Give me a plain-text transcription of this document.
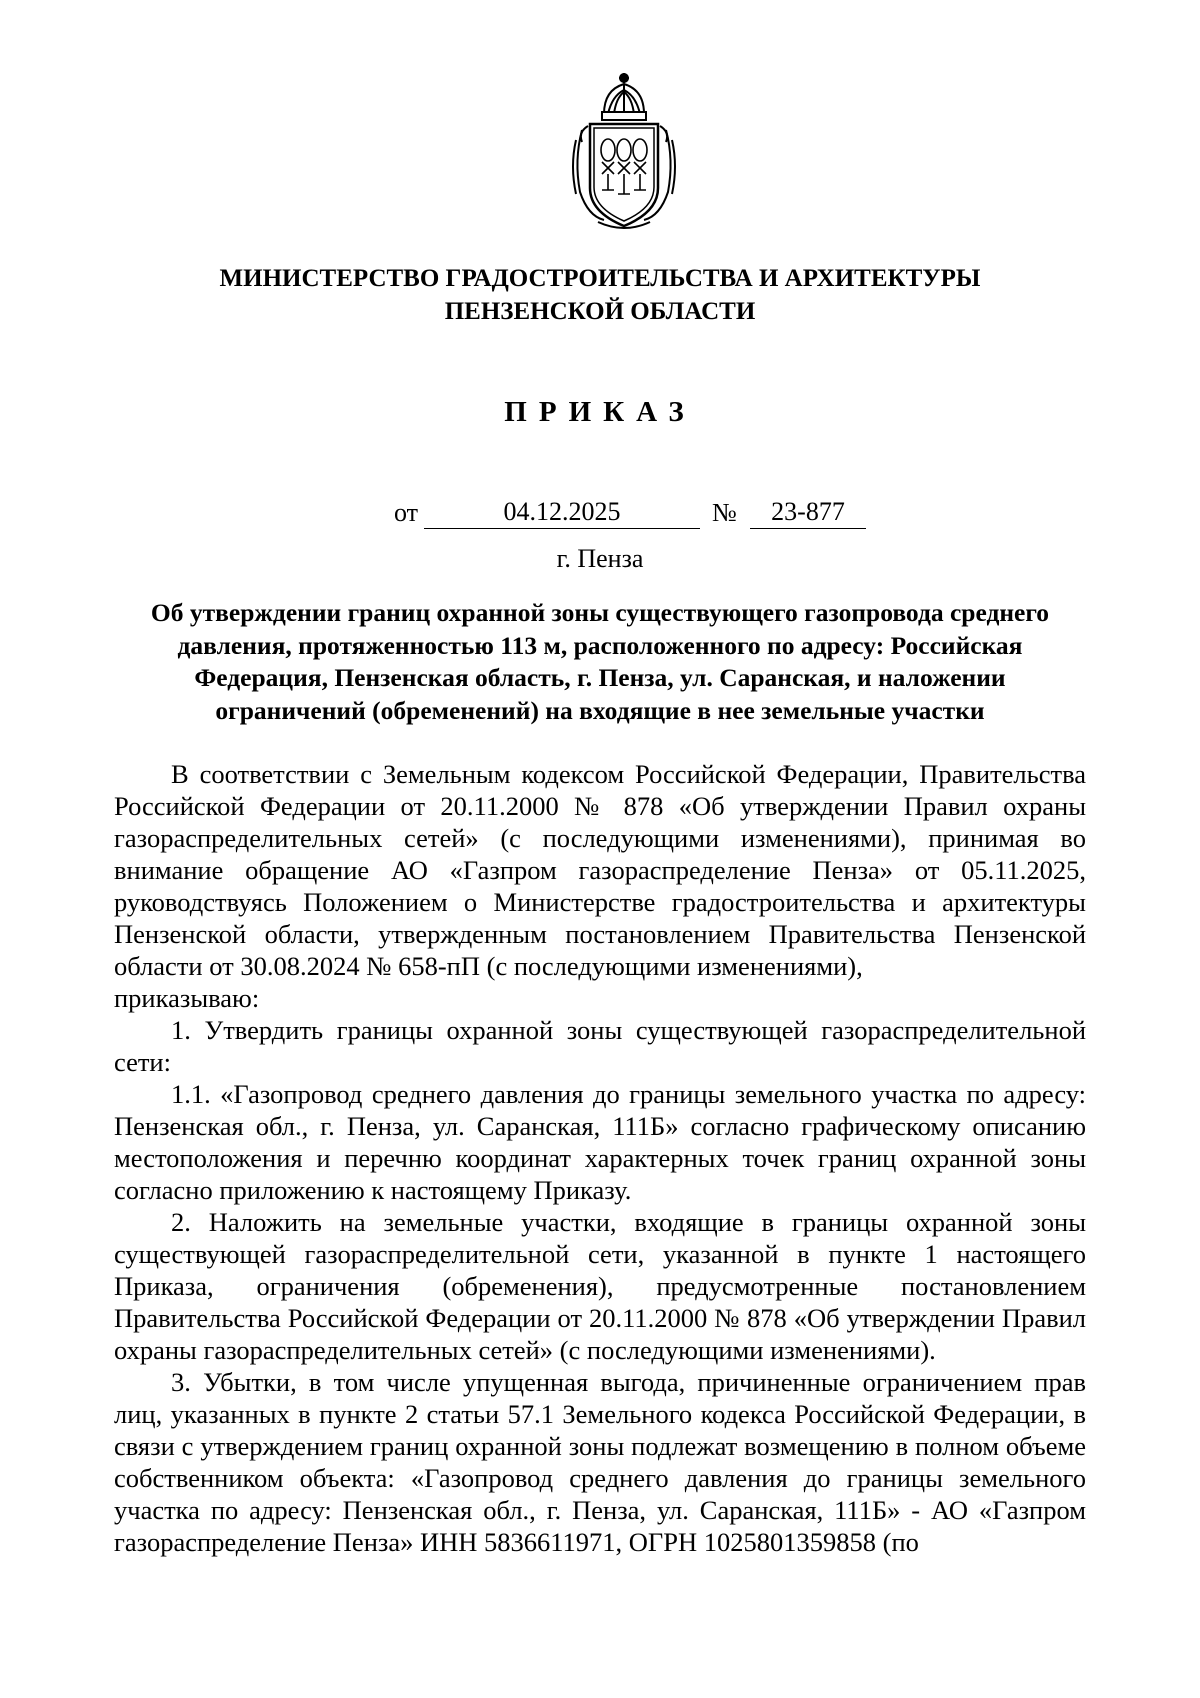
МИНИСТЕРСТВО ГРАДОСТРОИТЕЛЬСТВА И АРХИТЕКТУРЫ
ПЕНЗЕНСКОЙ ОБЛАСТИ
ПРИКАЗ
от	04.12.2025	№	23-877
г. Пенза
Об утверждении границ охранной зоны существующего газопровода среднего
давления, протяженностью 113 м, расположенного по адресу: Российская
Федерация, Пензенская область, г. Пенза, ул. Саранская, и наложении
ограничений (обременений) на входящие в нее земельные участки

В соответствии с Земельным кодексом Российской Федерации, Правительства Российской Федерации от 20.11.2000 № 878 «Об утверждении Правил охраны газораспределительных сетей» (с последующими изменениями), принимая во внимание обращение АО «Газпром газораспределение Пенза» от 05.11.2025, руководствуясь Положением о Министерстве градостроительства и архитектуры Пензенской области, утвержденным постановлением Правительства Пензенской области от 30.08.2024 № 658-пП (с последующими изменениями),

приказываю:

1. Утвердить границы охранной зоны существующей газораспределительной сети:

1.1. «Газопровод среднего давления до границы земельного участка по адресу: Пензенская обл., г. Пенза, ул. Саранская, 111Б» согласно графическому описанию местоположения и перечню координат характерных точек границ охранной зоны согласно приложению к настоящему Приказу.

2. Наложить на земельные участки, входящие в границы охранной зоны существующей газораспределительной сети, указанной в пункте 1 настоящего Приказа, ограничения (обременения), предусмотренные постановлением Правительства Российской Федерации от 20.11.2000 № 878 «Об утверждении Правил охраны газораспределительных сетей» (с последующими изменениями).

3. Убытки, в том числе упущенная выгода, причиненные ограничением прав лиц, указанных в пункте 2 статьи 57.1 Земельного кодекса Российской Федерации, в связи с утверждением границ охранной зоны подлежат возмещению в полном объеме собственником объекта: «Газопровод среднего давления до границы земельного участка по адресу: Пензенская обл., г. Пенза, ул. Саранская, 111Б» - АО «Газпром газораспределение Пенза» ИНН 5836611971, ОГРН 1025801359858 (по
